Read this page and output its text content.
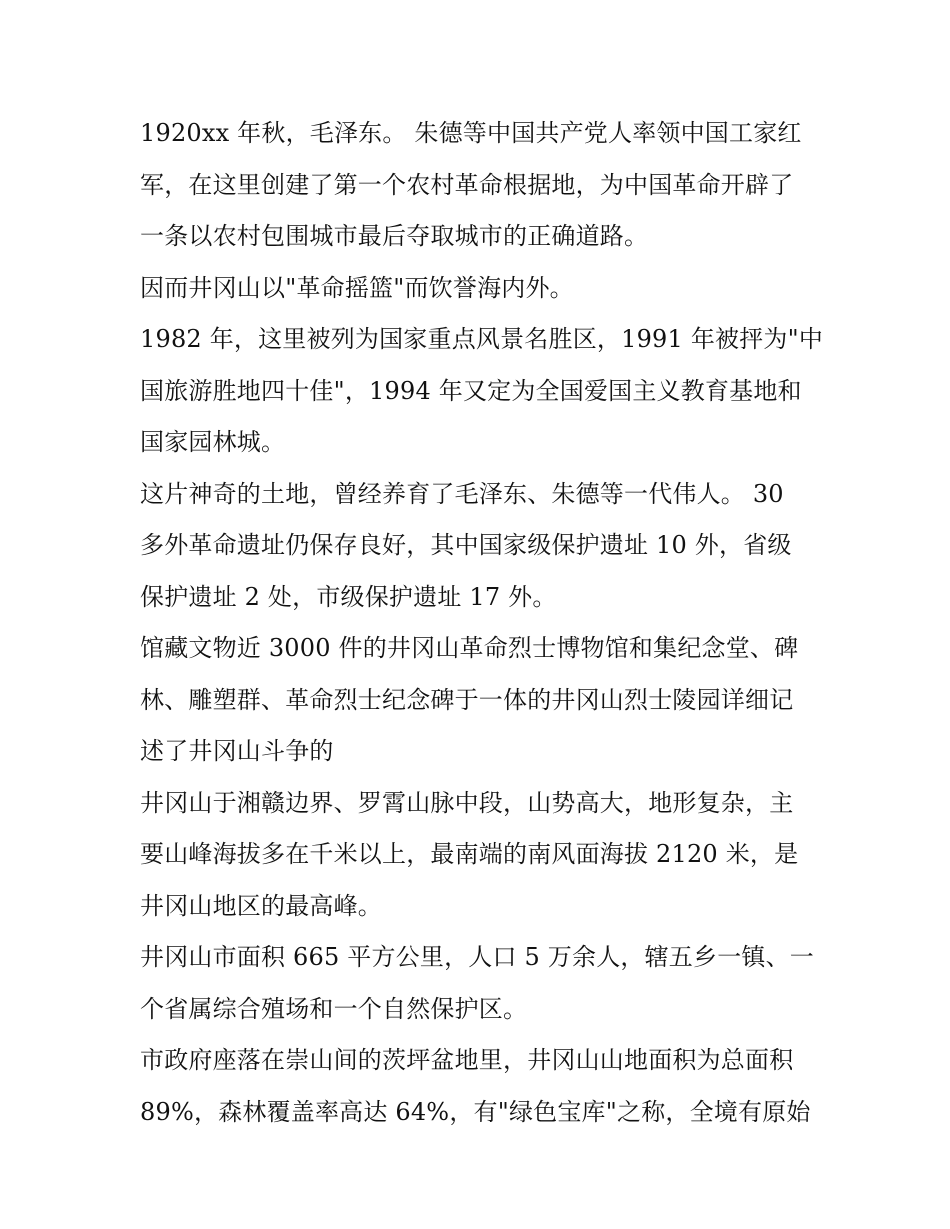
1920xx 年秋，毛泽东。 朱德等中国共产党人率领中国工家红
军，在这里创建了第一个农村革命根据地，为中国革命开辟了
一条以农村包围城市最后夺取城市的正确道路。
因而井冈山以"革命摇篮"而饮誉海内外。
1982 年，这里被列为国家重点风景名胜区，1991 年被抨为"中
国旅游胜地四十佳"，1994 年又定为全国爱国主义教育基地和
国家园林城。
这片神奇的土地，曾经养育了毛泽东、朱德等一代伟人。 30
多外革命遗址仍保存良好，其中国家级保护遗址 10 外，省级
保护遗址 2 处，市级保护遗址 17 外。
馆藏文物近 3000 件的井冈山革命烈士博物馆和集纪念堂、碑
林、雕塑群、革命烈士纪念碑于一体的井冈山烈士陵园详细记
述了井冈山斗争的
井冈山于湘赣边界、罗霄山脉中段，山势高大，地形复杂，主
要山峰海拔多在千米以上，最南端的南风面海拔 2120 米，是
井冈山地区的最高峰。
井冈山市面积 665 平方公里，人口 5 万余人，辖五乡一镇、一
个省属综合殖场和一个自然保护区。
市政府座落在崇山间的茨坪盆地里，井冈山山地面积为总面积
89%，森林覆盖率高达 64%，有"绿色宝库"之称，全境有原始
